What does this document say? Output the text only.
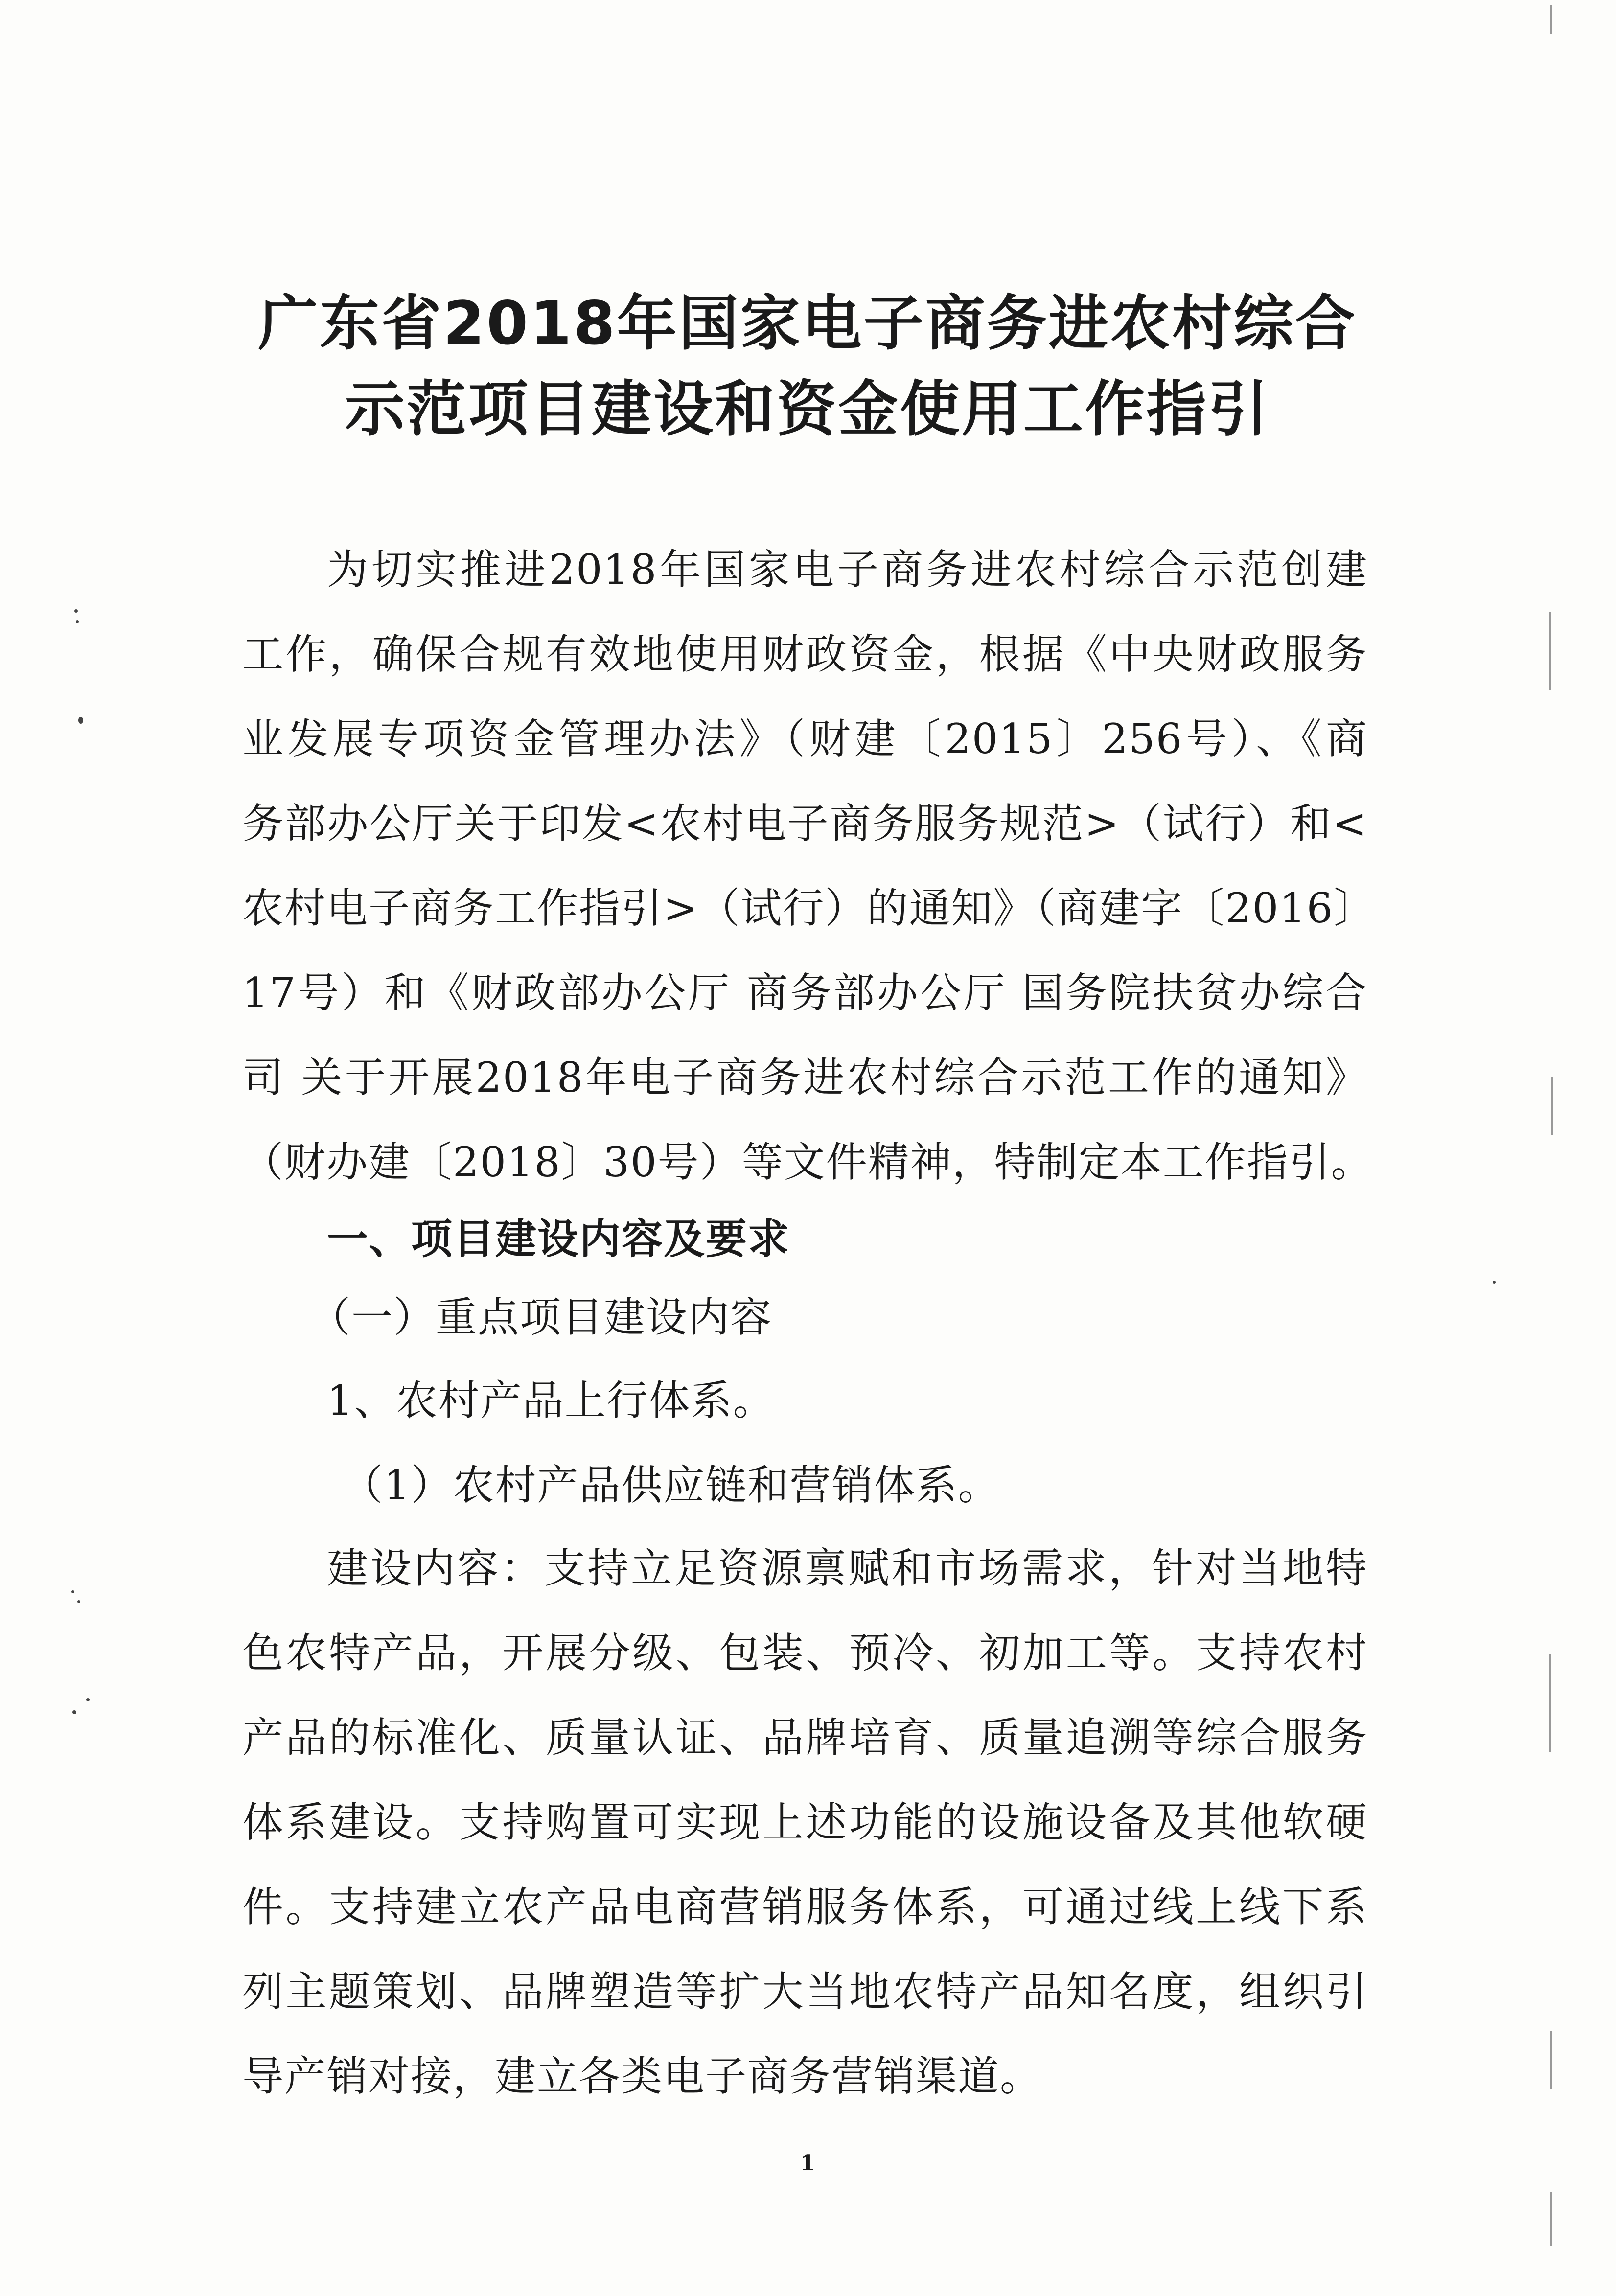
广东省2018年国家电子商务进农村综合
示范项目建设和资金使用工作指引
为切实推进2018年国家电子商务进农村综合示范创建
工作，确保合规有效地使用财政资金，根据《中央财政服务
业发展专项资金管理办法》（财建〔2015〕256号）、《商
务部办公厅关于印发<农村电子商务服务规范>（试行）和<
农村电子商务工作指引>（试行）的通知》（商建字〔2016〕
17号）和《财政部办公厅 商务部办公厅 国务院扶贫办综合
司 关于开展2018年电子商务进农村综合示范工作的通知》
（财办建〔2018〕30号）等文件精神，特制定本工作指引。
一、项目建设内容及要求
（一）重点项目建设内容
1、农村产品上行体系。
（1）农村产品供应链和营销体系。
建设内容：支持立足资源禀赋和市场需求，针对当地特
色农特产品，开展分级、包装、预冷、初加工等。支持农村
产品的标准化、质量认证、品牌培育、质量追溯等综合服务
体系建设。支持购置可实现上述功能的设施设备及其他软硬
件。支持建立农产品电商营销服务体系，可通过线上线下系
列主题策划、品牌塑造等扩大当地农特产品知名度，组织引
导产销对接，建立各类电子商务营销渠道。
1
